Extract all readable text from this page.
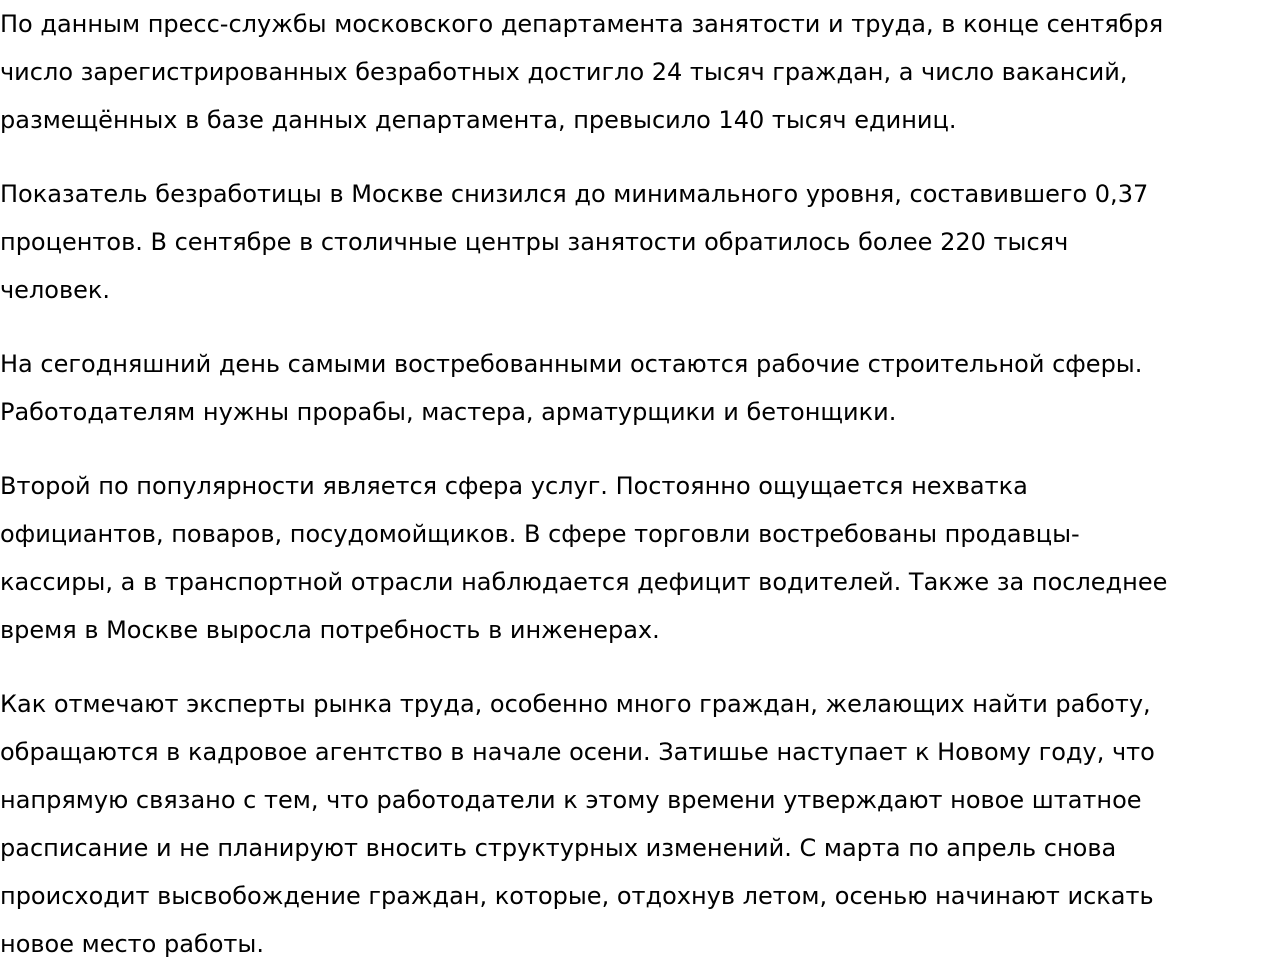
По данным пресс-службы московского департамента занятости и труда, в конце сентября
число зарегистрированных безработных достигло 24 тысяч граждан, а число вакансий,
размещённых в базе данных департамента, превысило 140 тысяч единиц.

Показатель безработицы в Москве снизился до минимального уровня, составившего 0,37
процентов. В сентябре в столичные центры занятости обратилось более 220 тысяч
человек.

На сегодняшний день самыми востребованными остаются рабочие строительной сферы.
Работодателям нужны прорабы, мастера, арматурщики и бетонщики.

Второй по популярности является сфера услуг. Постоянно ощущается нехватка
официантов, поваров, посудомойщиков. В сфере торговли востребованы продавцы-
кассиры, а в транспортной отрасли наблюдается дефицит водителей. Также за последнее
время в Москве выросла потребность в инженерах.

Как отмечают эксперты рынка труда, особенно много граждан, желающих найти работу,
обращаются в кадровое агентство в начале осени. Затишье наступает к Новому году, что
напрямую связано с тем, что работодатели к этому времени утверждают новое штатное
расписание и не планируют вносить структурных изменений. С марта по апрель снова
происходит высвобождение граждан, которые, отдохнув летом, осенью начинают искать
новое место работы.
